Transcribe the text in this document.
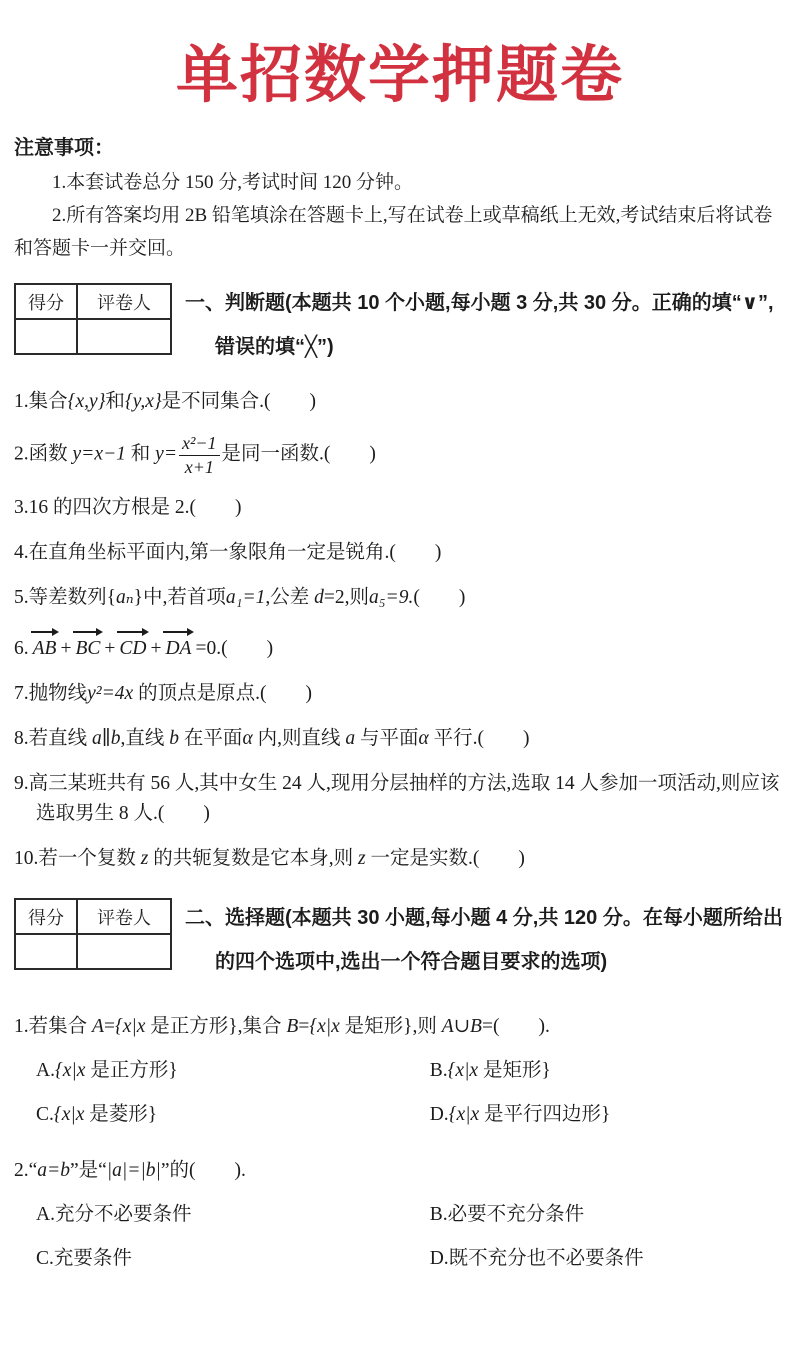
单招数学押题卷
注意事项：

1.本套试卷总分 150 分,考试时间 120 分钟。

2.所有答案均用 2B 铅笔填涂在答题卡上,写在试卷上或草稿纸上无效,考试结束后将试卷和答题卡一并交回。

得分	评卷人
	一、判断题(本题共 10 个小题,每小题 3 分,共 30 分。正确的填“∨”,
错误的填“╳”)
1.集合{x,y}和{y,x}是不同集合.(　　)
2.函数 y=x−1 和 $y= \frac{\text{x²−1}}{x+1}$ 是同一函数.(　　)
3.16 的四次方根是 2.(　　)
4.在直角坐标平面内,第一象限角一定是锐角.(　　)
5.等差数列{aₙ}中,若首项a₁=1,公差 d=2,则a₅=9.(　　)
6. AB + BC + CD + DA =0.(　　)
7.抛物线y²=4x 的顶点是原点.(　　)
8.若直线 a∥b,直线 b 在平面α 内,则直线 a 与平面α 平行.(　　)
9.高三某班共有 56 人,其中女生 24 人,现用分层抽样的方法,选取 14 人参加一项活动,则应该选取男生 8 人.(　　)
10.若一个复数 z 的共轭复数是它本身,则 z 一定是实数.(　　)
得分	评卷人
	二、选择题(本题共 30 小题,每小题 4 分,共 120 分。在每小题所给出
的四个选项中,选出一个符合题目要求的选项)
1.若集合 A={x|x 是正方形},集合 B={x|x 是矩形},则 A∪B=(　　).
A.{x|x 是正方形}	B.{x|x 是矩形}
C.{x|x 是菱形}	D.{x|x 是平行四边形}
2.“a=b”是“|a|=|b|”的(　　).
A.充分不必要条件	B.必要不充分条件
C.充要条件	D.既不充分也不必要条件
